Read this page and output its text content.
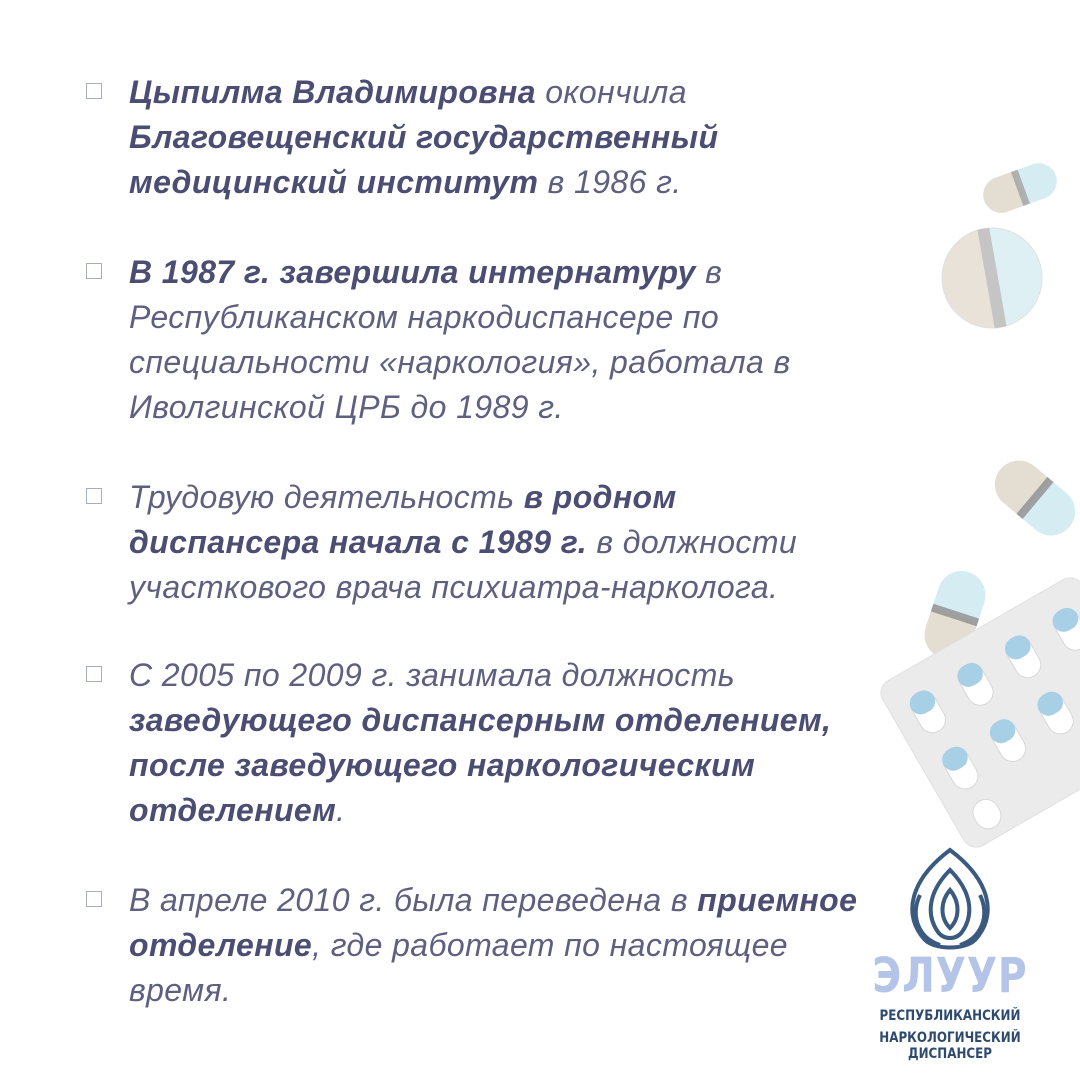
Цыпилма Владимировна окончила Благовещенский государственный медицинский институт в 1986 г.
В 1987 г. завершила интернатуру в Республиканском наркодиспансере по специальности «наркология», работала в Иволгинской ЦРБ до 1989 г.
Трудовую деятельность в родном диспансера начала с 1989 г. в должности участкового врача психиатра-нарколога.
С 2005 по 2009 г. занимала должность заведующего диспансерным отделением, после заведующего наркологическим отделением.
В апреле 2010 г. была переведена в приемное отделение, где работает по настоящее время.	ЭЛУУР
РЕСПУБЛИКАНСКИЙ
НАРКОЛОГИЧЕСКИЙ ДИСПАНСЕР
